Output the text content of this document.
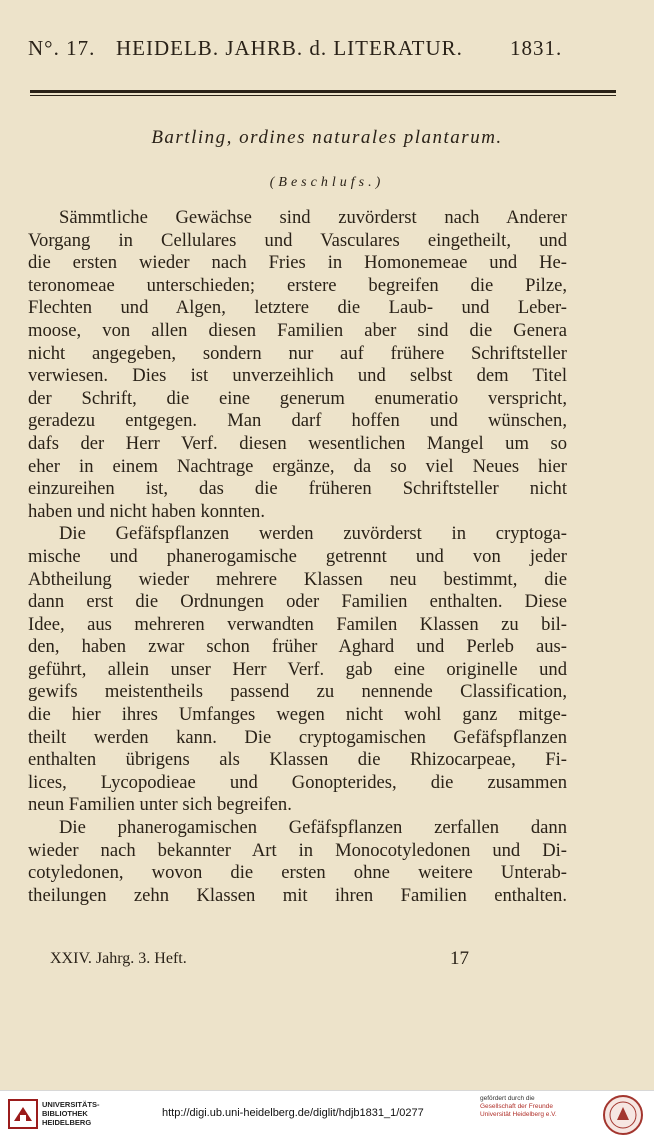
N°. 17. HEIDELB. JAHRB. d. LITERATUR. 1831.
Bartling, ordines naturales plantarum.
(Beschlufs.)
Sämmtliche Gewächse sind zuvörderst nach Anderer
Vorgang in Cellulares und Vasculares eingetheilt, und
die ersten wieder nach Fries in Homonemeae und He-
teronomeae unterschieden; erstere begreifen die Pilze,
Flechten und Algen, letztere die Laub- und Leber-
moose, von allen diesen Familien aber sind die Genera
nicht angegeben, sondern nur auf frühere Schriftsteller
verwiesen. Dies ist unverzeihlich und selbst dem Titel
der Schrift, die eine generum enumeratio verspricht,
geradezu entgegen. Man darf hoffen und wünschen,
dafs der Herr Verf. diesen wesentlichen Mangel um so
eher in einem Nachtrage ergänze, da so viel Neues hier
einzureihen ist, das die früheren Schriftsteller nicht
haben und nicht haben konnten.
Die Gefäfspflanzen werden zuvörderst in cryptoga-
mische und phanerogamische getrennt und von jeder
Abtheilung wieder mehrere Klassen neu bestimmt, die
dann erst die Ordnungen oder Familien enthalten. Diese
Idee, aus mehreren verwandten Familen Klassen zu bil-
den, haben zwar schon früher Aghard und Perleb aus-
geführt, allein unser Herr Verf. gab eine originelle und
gewifs meistentheils passend zu nennende Classification,
die hier ihres Umfanges wegen nicht wohl ganz mitge-
theilt werden kann. Die cryptogamischen Gefäfspflanzen
enthalten übrigens als Klassen die Rhizocarpeae, Fi-
lices, Lycopodieae und Gonopterides, die zusammen
neun Familien unter sich begreifen.
Die phanerogamischen Gefäfspflanzen zerfallen dann
wieder nach bekannter Art in Monocotyledonen und Di-
cotyledonen, wovon die ersten ohne weitere Unterab-
theilungen zehn Klassen mit ihren Familien enthalten.
XXIV. Jahrg. 3. Heft.	17
UNIVERSITÄTS-
BIBLIOTHEK
HEIDELBERG
http://digi.ub.uni-heidelberg.de/diglit/hdjb1831_1/0277
gefördert durch die
Gesellschaft der Freunde
Universität Heidelberg e.V.
